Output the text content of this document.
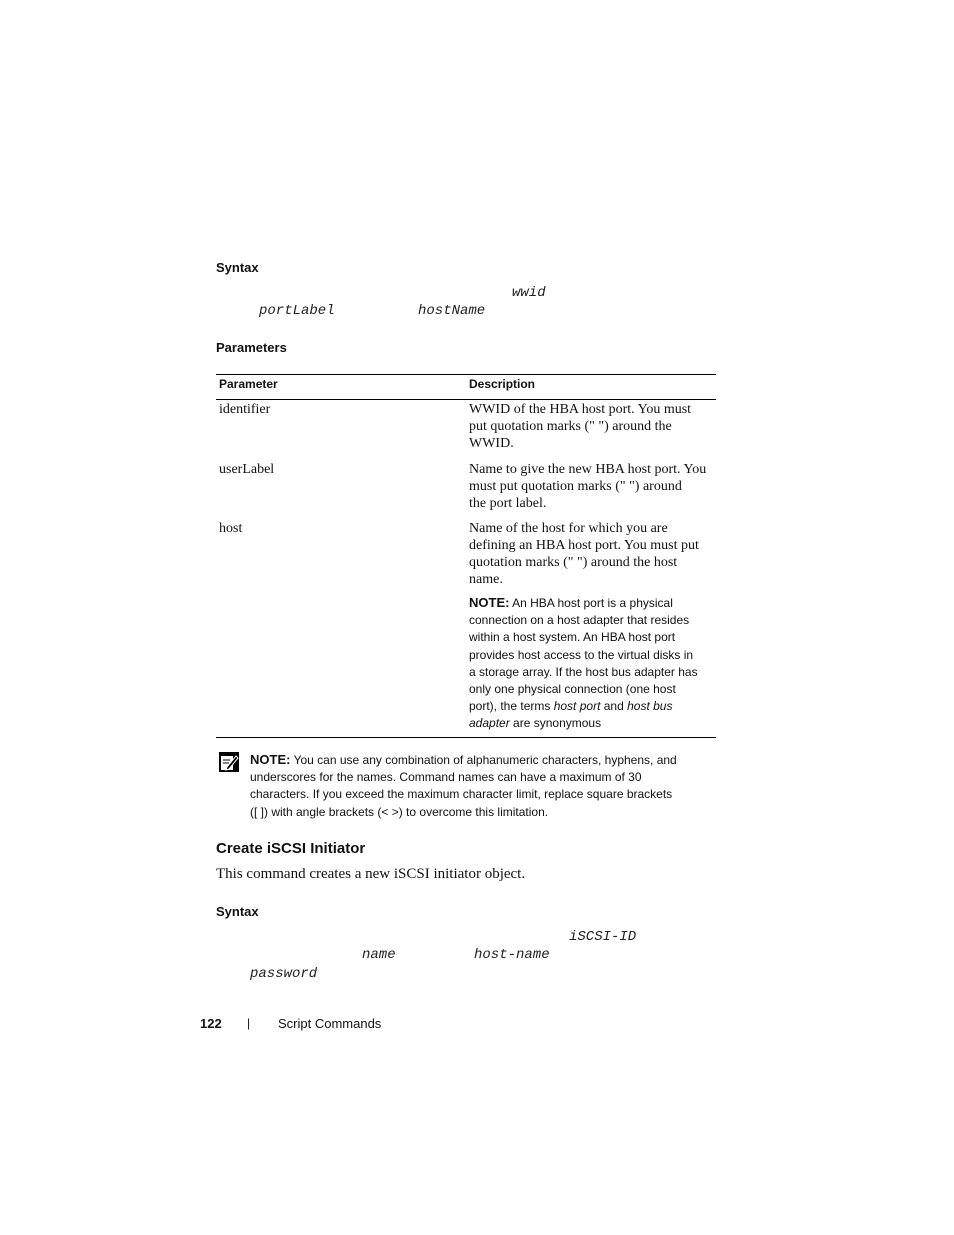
Syntax
wwid
portLabel	hostName
Parameters
Parameter	Description
identifier	WWID of the HBA host port. You must
put quotation marks (" ") around the
WWID.
userLabel	Name to give the new HBA host port. You
must put quotation marks (" ") around
the port label.
host	Name of the host for which you are
defining an HBA host port. You must put
quotation marks (" ") around the host
name.
NOTE: An HBA host port is a physical
connection on a host adapter that resides
within a host system. An HBA host port
provides host access to the virtual disks in
a storage array. If the host bus adapter has
only one physical connection (one host
port), the terms host port and host bus
adapter are synonymous
NOTE: You can use any combination of alphanumeric characters, hyphens, and
underscores for the names. Command names can have a maximum of 30
characters. If you exceed the maximum character limit, replace square brackets
([ ]) with angle brackets (< >) to overcome this limitation.
Create iSCSI Initiator
This command creates a new iSCSI initiator object.
Syntax
iSCSI-ID
name	host-name
password
122 | Script Commands
